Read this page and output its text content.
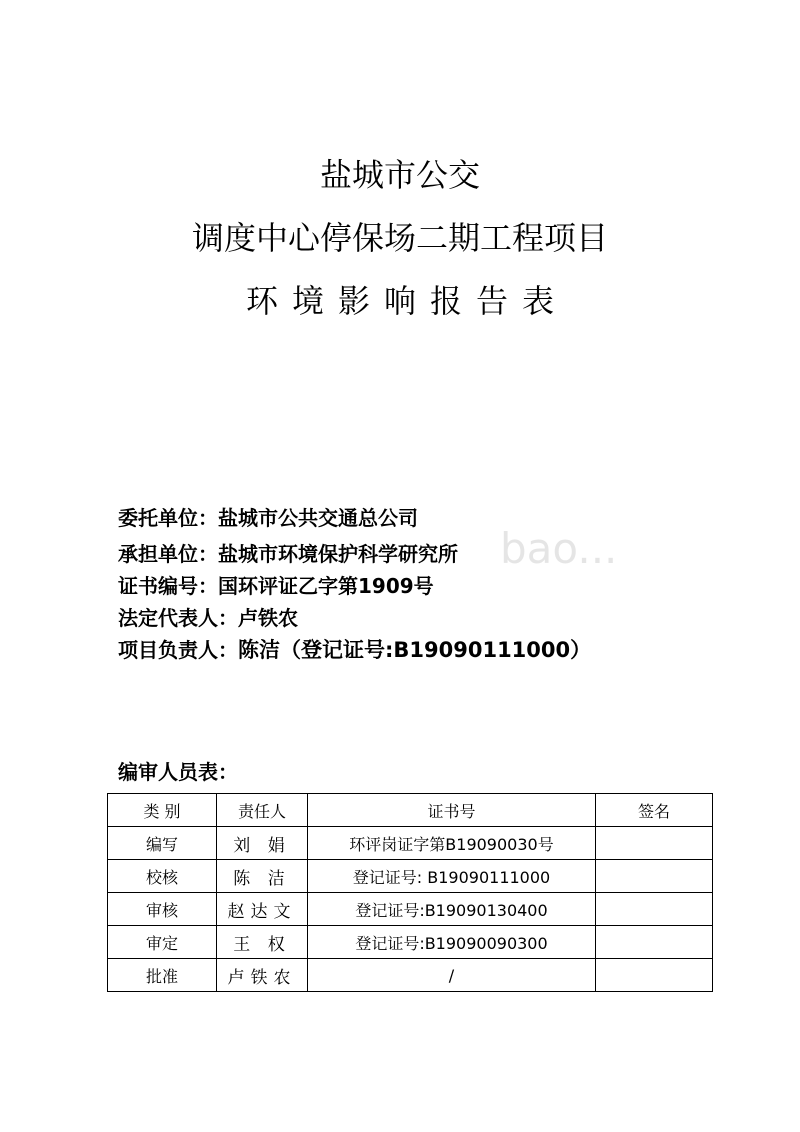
盐城市公交
调度中心停保场二期工程项目
环境影响报告表
bao...
委托单位：盐城市公共交通总公司
承担单位：盐城市环境保护科学研究所
证书编号：国环评证乙字第1909号
法定代表人：卢铁农
项目负责人：陈洁（登记证号:B19090111000）
编审人员表：
类 别	责任人	证书号	签名
编写	刘 娟	环评岗证字第B19090030号	
校核	陈 洁	登记证号: B19090111000	
审核	赵达文	登记证号:B19090130400	
审定	王 权	登记证号:B19090090300	
批准	卢铁农	/	
